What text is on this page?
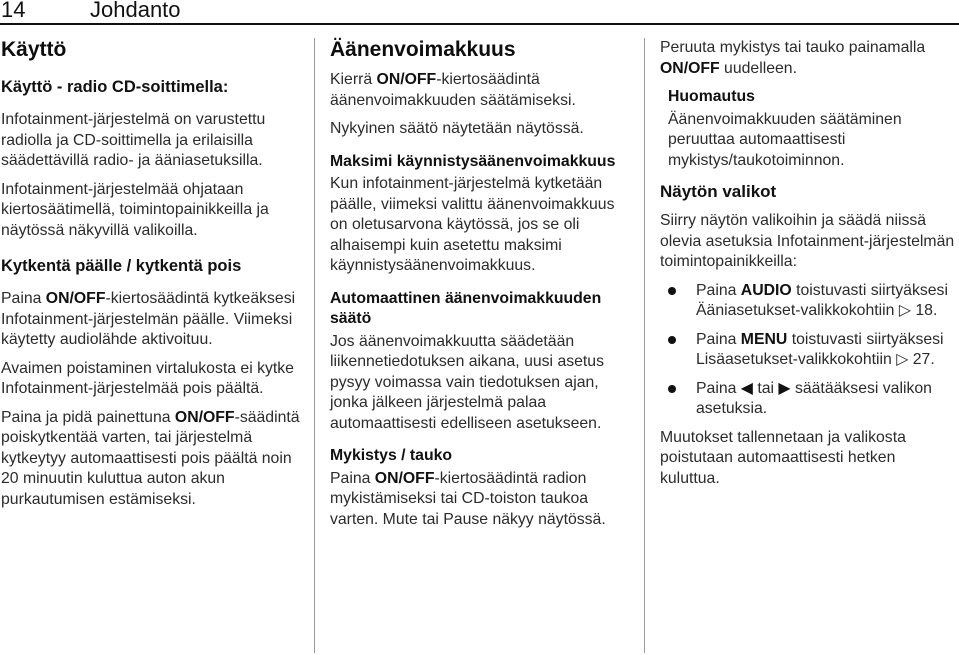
14	Johdanto
Käyttö
Käyttö - radio CD-soittimella:

Infotainment-järjestelmä on varustettu radiolla ja CD-soittimella ja erilaisilla säädettävillä radio- ja ääniasetuksilla.

Infotainment-järjestelmää ohjataan kiertosäätimellä, toimintopainikkeilla ja näytössä näkyvillä valikoilla.

Kytkentä päälle / kytkentä pois

Paina ON/OFF-kiertosäädintä kytkeäksesi Infotainment-järjestelmän päälle. Viimeksi käytetty audiolähde aktivoituu.

Avaimen poistaminen virtalukosta ei kytke Infotainment-järjestelmää pois päältä.

Paina ja pidä painettuna ON/OFF-säädintä poiskytkentää varten, tai järjestelmä kytkeytyy automaattisesti pois päältä noin 20 minuutin kuluttua auton akun purkautumisen estämiseksi.

Äänenvoimakkuus

Kierrä ON/OFF-kiertosäädintä äänenvoimakkuuden säätämiseksi.

Nykyinen säätö näytetään näytössä.

Maksimi käynnistysäänenvoimakkuus

Kun infotainment-järjestelmä kytketään päälle, viimeksi valittu äänenvoimakkuus on oletusarvona käytössä, jos se oli alhaisempi kuin asetettu maksimi käynnistysäänenvoimakkuus.

Automaattinen äänenvoimakkuuden säätö

Jos äänenvoimakkuutta säädetään liikennetiedotuksen aikana, uusi asetus pysyy voimassa vain tiedotuksen ajan, jonka jälkeen järjestelmä palaa automaattisesti edelliseen asetukseen.

Mykistys / tauko

Paina ON/OFF-kiertosäädintä radion mykistämiseksi tai CD-toiston taukoa varten. Mute tai Pause näkyy näytössä.

Peruuta mykistys tai tauko painamalla ON/OFF uudelleen.

Huomautus

Äänenvoimakkuuden säätäminen peruuttaa automaattisesti mykistys/taukotoiminnon.

Näytön valikot

Siirry näytön valikoihin ja säädä niissä olevia asetuksia Infotainment-järjestelmän toimintopainikkeilla:

Paina AUDIO toistuvasti siirtyäksesi Ääniasetukset-valikkokohtiin ▷ 18.
Paina MENU toistuvasti siirtyäksesi Lisäasetukset-valikkokohtiin ▷ 27.
Paina ◀ tai ▶ säätääksesi valikon asetuksia.

Muutokset tallennetaan ja valikosta poistutaan automaattisesti hetken kuluttua.
